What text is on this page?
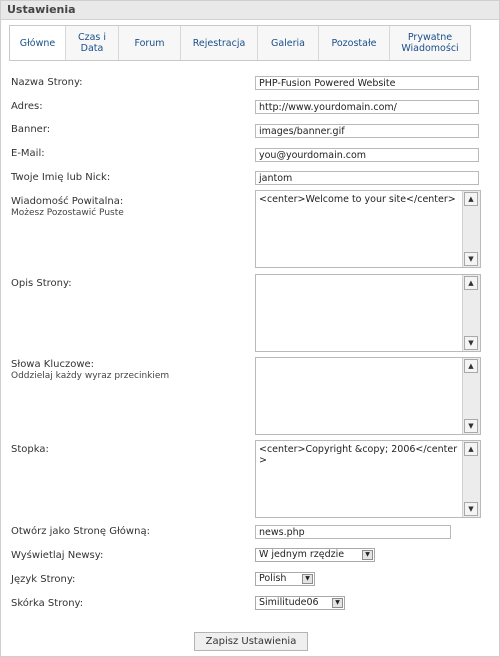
Ustawienia
Główne	Czas i
Data	Forum	Rejestracja	Galeria	Pozostałe	Prywatne
Wiadomości
Nazwa Strony:	PHP-Fusion Powered Website
Adres:	http://www.yourdomain.com/
Banner:	images/banner.gif
E-Mail:	you@yourdomain.com
Twoje Imię lub Nick:	jantom
Wiadomość Powitalna:
Możesz Pozostawić Puste
<center>Welcome to your site</center>	▲
▼
Opis Strony:	▲
▼
Słowa Kluczowe:
Oddzielaj każdy wyraz przecinkiem
▲
▼
Stopka:	<center>Copyright &copy; 2006</center>
▲
▼
Otwórz jako Stronę Główną:	news.php
Wyświetlaj Newsy:	W jednym rzędzie	▼
Język Strony:	Polish	▼
Skórka Strony:	Similitude06	▼
Zapisz Ustawienia
